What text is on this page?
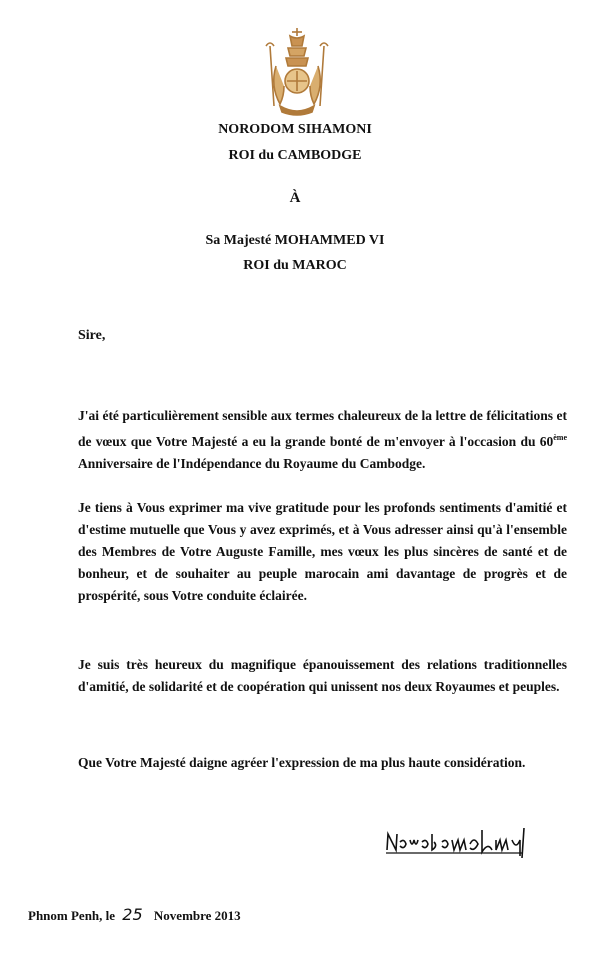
NORODOM SIHAMONI
ROI du CAMBODGE
À
Sa Majesté MOHAMMED VI
ROI du MAROC
Sire,
J'ai été particulièrement sensible aux termes chaleureux de la lettre de félicitations et de vœux que Votre Majesté a eu la grande bonté de m'envoyer à l'occasion du 60ème Anniversaire de l'Indépendance du Royaume du Cambodge.
Je tiens à Vous exprimer ma vive gratitude pour les profonds sentiments d'amitié et d'estime mutuelle que Vous y avez exprimés, et à Vous adresser ainsi qu'à l'ensemble des Membres de Votre Auguste Famille, mes vœux les plus sincères de santé et de bonheur, et de souhaiter au peuple marocain ami davantage de progrès et de prospérité, sous Votre conduite éclairée.
Je suis très heureux du magnifique épanouissement des relations traditionnelles d'amitié, de solidarité et de coopération qui unissent nos deux Royaumes et peuples.
Que Votre Majesté daigne agréer l'expression de ma plus haute considération.
Phnom Penh, le 25 Novembre 2013
